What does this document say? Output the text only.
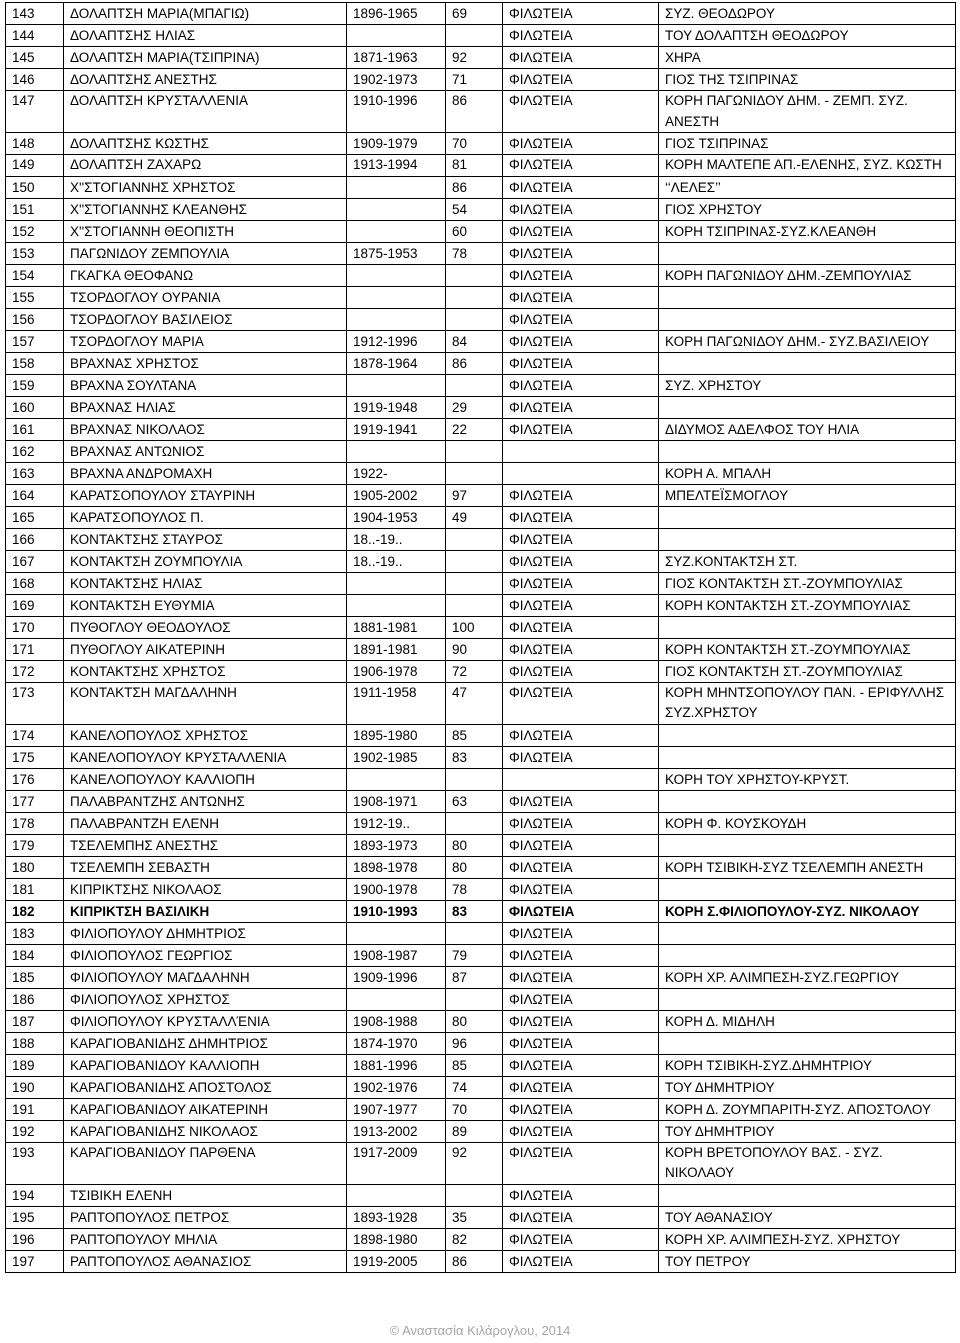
143	ΔΟΛΑΠΤΣΗ ΜΑΡΙΑ(ΜΠΑΓΙΩ)	1896-1965	69	ΦΙΛΩΤΕΙΑ	ΣΥΖ. ΘΕΟΔΩΡΟΥ
144	ΔΟΛΑΠΤΣΗΣ ΗΛΙΑΣ			ΦΙΛΩΤΕΙΑ	ΤΟΥ ΔΟΛΑΠΤΣΗ ΘΕΟΔΩΡΟΥ
145	ΔΟΛΑΠΤΣΗ ΜΑΡΙΑ(ΤΣΙΠΡΙΝΑ)	1871-1963	92	ΦΙΛΩΤΕΙΑ	ΧΗΡΑ
146	ΔΟΛΑΠΤΣΗΣ ΑΝΕΣΤΗΣ	1902-1973	71	ΦΙΛΩΤΕΙΑ	ΓΙΟΣ ΤΗΣ ΤΣΙΠΡΙΝΑΣ
147	ΔΟΛΑΠΤΣΗ ΚΡΥΣΤΑΛΛΕΝΙΑ	1910-1996	86	ΦΙΛΩΤΕΙΑ	ΚΟΡΗ ΠΑΓΩΝΙΔΟΥ ΔΗΜ. - ΖΕΜΠ. ΣΥΖ. ΑΝΕΣΤΗ
148	ΔΟΛΑΠΤΣΗΣ ΚΩΣΤΗΣ	1909-1979	70	ΦΙΛΩΤΕΙΑ	ΓΙΟΣ ΤΣΙΠΡΙΝΑΣ
149	ΔΟΛΑΠΤΣΗ ΖΑΧΑΡΩ	1913-1994	81	ΦΙΛΩΤΕΙΑ	ΚΟΡΗ ΜΑΛΤΕΠΕ ΑΠ.-ΕΛΕΝΗΣ, ΣΥΖ. ΚΩΣΤΗ
150	Χ''ΣΤΟΓΙΑΝΝΗΣ ΧΡΗΣΤΟΣ		86	ΦΙΛΩΤΕΙΑ	‘‘ΛΕΛΕΣ’’
151	Χ''ΣΤΟΓΙΑΝΝΗΣ ΚΛΕΑΝΘΗΣ		54	ΦΙΛΩΤΕΙΑ	ΓΙΟΣ ΧΡΗΣΤΟΥ
152	Χ''ΣΤΟΓΙΑΝΝΗ ΘΕΟΠΙΣΤΗ		60	ΦΙΛΩΤΕΙΑ	ΚΟΡΗ ΤΣΙΠΡΙΝΑΣ-ΣΥΖ.ΚΛΕΑΝΘΗ
153	ΠΑΓΩΝΙΔΟΥ ΖΕΜΠΟΥΛΙΑ	1875-1953	78	ΦΙΛΩΤΕΙΑ	
154	ΓΚΑΓΚΑ ΘΕΟΦΑΝΩ			ΦΙΛΩΤΕΙΑ	ΚΟΡΗ ΠΑΓΩΝΙΔΟΥ ΔΗΜ.-ΖΕΜΠΟΥΛΙΑΣ
155	ΤΣΟΡΔΟΓΛΟΥ ΟΥΡΑΝΙΑ			ΦΙΛΩΤΕΙΑ	
156	ΤΣΟΡΔΟΓΛΟΥ ΒΑΣΙΛΕΙΟΣ			ΦΙΛΩΤΕΙΑ	
157	ΤΣΟΡΔΟΓΛΟΥ ΜΑΡΙΑ	1912-1996	84	ΦΙΛΩΤΕΙΑ	ΚΟΡΗ ΠΑΓΩΝΙΔΟΥ ΔΗΜ.- ΣΥΖ.ΒΑΣΙΛΕΙΟΥ
158	ΒΡΑΧΝΑΣ ΧΡΗΣΤΟΣ	1878-1964	86	ΦΙΛΩΤΕΙΑ	
159	ΒΡΑΧΝΑ ΣΟΥΛΤΑΝΑ			ΦΙΛΩΤΕΙΑ	ΣΥΖ. ΧΡΗΣΤΟΥ
160	ΒΡΑΧΝΑΣ ΗΛΙΑΣ	1919-1948	29	ΦΙΛΩΤΕΙΑ	
161	ΒΡΑΧΝΑΣ ΝΙΚΟΛΑΟΣ	1919-1941	22	ΦΙΛΩΤΕΙΑ	ΔΙΔΥΜΟΣ ΑΔΕΛΦΟΣ ΤΟΥ ΗΛΙΑ
162	ΒΡΑΧΝΑΣ ΑΝΤΩΝΙΟΣ				
163	ΒΡΑΧΝΑ ΑΝΔΡΟΜΑΧΗ	1922-			ΚΟΡΗ Α. ΜΠΑΛΗ
164	ΚΑΡΑΤΣΟΠΟΥΛΟΥ ΣΤΑΥΡΙΝΗ	1905-2002	97	ΦΙΛΩΤΕΙΑ	ΜΠΕΛΤΕΪΣΜΟΓΛΟΥ
165	ΚΑΡΑΤΣΟΠΟΥΛΟΣ Π.	1904-1953	49	ΦΙΛΩΤΕΙΑ	
166	ΚΟΝΤΑΚΤΣΗΣ ΣΤΑΥΡΟΣ	18..-19..		ΦΙΛΩΤΕΙΑ	
167	ΚΟΝΤΑΚΤΣΗ ΖΟΥΜΠΟΥΛΙΑ	18..-19..		ΦΙΛΩΤΕΙΑ	ΣΥΖ.ΚΟΝΤΑΚΤΣΗ ΣΤ.
168	ΚΟΝΤΑΚΤΣΗΣ ΗΛΙΑΣ			ΦΙΛΩΤΕΙΑ	ΓΙΟΣ ΚΟΝΤΑΚΤΣΗ ΣΤ.-ΖΟΥΜΠΟΥΛΙΑΣ
169	ΚΟΝΤΑΚΤΣΗ ΕΥΘΥΜΙΑ			ΦΙΛΩΤΕΙΑ	ΚΟΡΗ ΚΟΝΤΑΚΤΣΗ ΣΤ.-ΖΟΥΜΠΟΥΛΙΑΣ
170	ΠΥΘΟΓΛΟΥ ΘΕΟΔΟΥΛΟΣ	1881-1981	100	ΦΙΛΩΤΕΙΑ	
171	ΠΥΘΟΓΛΟΥ ΑΙΚΑΤΕΡΙΝΗ	1891-1981	90	ΦΙΛΩΤΕΙΑ	ΚΟΡΗ ΚΟΝΤΑΚΤΣΗ ΣΤ.-ΖΟΥΜΠΟΥΛΙΑΣ
172	ΚΟΝΤΑΚΤΣΗΣ ΧΡΗΣΤΟΣ	1906-1978	72	ΦΙΛΩΤΕΙΑ	ΓΙΟΣ ΚΟΝΤΑΚΤΣΗ ΣΤ.-ΖΟΥΜΠΟΥΛΙΑΣ
173	ΚΟΝΤΑΚΤΣΗ ΜΑΓΔΑΛΗΝΗ	1911-1958	47	ΦΙΛΩΤΕΙΑ	ΚΟΡΗ ΜΗΝΤΣΟΠΟΥΛΟΥ ΠΑΝ. - ΕΡΙΦΥΛΛΗΣ ΣΥΖ.ΧΡΗΣΤΟΥ
174	ΚΑΝΕΛΟΠΟΥΛΟΣ ΧΡΗΣΤΟΣ	1895-1980	85	ΦΙΛΩΤΕΙΑ	
175	ΚΑΝΕΛΟΠΟΥΛΟΥ ΚΡΥΣΤΑΛΛΕΝΙΑ	1902-1985	83	ΦΙΛΩΤΕΙΑ	
176	ΚΑΝΕΛΟΠΟΥΛΟΥ ΚΑΛΛΙΟΠΗ				ΚΟΡΗ ΤΟΥ ΧΡΗΣΤΟΥ-ΚΡΥΣΤ.
177	ΠΑΛΑΒΡΑΝΤΖΗΣ ΑΝΤΩΝΗΣ	1908-1971	63	ΦΙΛΩΤΕΙΑ	
178	ΠΑΛΑΒΡΑΝΤΖΗ ΕΛΕΝΗ	1912-19..		ΦΙΛΩΤΕΙΑ	ΚΟΡΗ Φ. ΚΟΥΣΚΟΥΔΗ
179	ΤΣΕΛΕΜΠΗΣ ΑΝΕΣΤΗΣ	1893-1973	80	ΦΙΛΩΤΕΙΑ	
180	ΤΣΕΛΕΜΠΗ ΣΕΒΑΣΤΗ	1898-1978	80	ΦΙΛΩΤΕΙΑ	ΚΟΡΗ ΤΣΙΒΙΚΗ-ΣΥΖ ΤΣΕΛΕΜΠΗ ΑΝΕΣΤΗ
181	ΚΙΠΡΙΚΤΣΗΣ ΝΙΚΟΛΑΟΣ	1900-1978	78	ΦΙΛΩΤΕΙΑ	
182	ΚΙΠΡΙΚΤΣΗ ΒΑΣΙΛΙΚΗ	1910-1993	83	ΦΙΛΩΤΕΙΑ	ΚΟΡΗ Σ.ΦΙΛΙΟΠΟΥΛΟΥ-ΣΥΖ. ΝΙΚΟΛΑΟΥ
183	ΦΙΛΙΟΠΟΥΛΟΥ ΔΗΜΗΤΡΙΟΣ			ΦΙΛΩΤΕΙΑ	
184	ΦΙΛΙΟΠΟΥΛΟΣ ΓΕΩΡΓΙΟΣ	1908-1987	79	ΦΙΛΩΤΕΙΑ	
185	ΦΙΛΙΟΠΟΥΛΟΥ ΜΑΓΔΑΛΗΝΗ	1909-1996	87	ΦΙΛΩΤΕΙΑ	ΚΟΡΗ ΧΡ. ΑΛΙΜΠΕΣΗ-ΣΥΖ.ΓΕΩΡΓΙΟΥ
186	ΦΙΛΙΟΠΟΥΛΟΣ ΧΡΗΣΤΟΣ			ΦΙΛΩΤΕΙΑ	
187	ΦΙΛΙΟΠΟΥΛΟΥ ΚΡΥΣΤΑΛΛΈΝΙΑ	1908-1988	80	ΦΙΛΩΤΕΙΑ	ΚΟΡΗ Δ. ΜΙΔΗΛΗ
188	ΚΑΡΑΓΙΟΒΑΝΙΔΗΣ ΔΗΜΗΤΡΙΟΣ	1874-1970	96	ΦΙΛΩΤΕΙΑ	
189	ΚΑΡΑΓΙΟΒΑΝΙΔΟΥ ΚΑΛΛΙΟΠΗ	1881-1996	85	ΦΙΛΩΤΕΙΑ	ΚΟΡΗ ΤΣΙΒΙΚΗ-ΣΥΖ.ΔΗΜΗΤΡΙΟΥ
190	ΚΑΡΑΓΙΟΒΑΝΙΔΗΣ ΑΠΟΣΤΟΛΟΣ	1902-1976	74	ΦΙΛΩΤΕΙΑ	ΤΟΥ ΔΗΜΗΤΡΙΟΥ
191	ΚΑΡΑΓΙΟΒΑΝΙΔΟΥ ΑΙΚΑΤΕΡΙΝΗ	1907-1977	70	ΦΙΛΩΤΕΙΑ	ΚΟΡΗ Δ. ΖΟΥΜΠΑΡΙΤΗ-ΣΥΖ. ΑΠΟΣΤΟΛΟΥ
192	ΚΑΡΑΓΙΟΒΑΝΙΔΗΣ ΝΙΚΟΛΑΟΣ	1913-2002	89	ΦΙΛΩΤΕΙΑ	ΤΟΥ ΔΗΜΗΤΡΙΟΥ
193	ΚΑΡΑΓΙΟΒΑΝΙΔΟΥ ΠΑΡΘΕΝΑ	1917-2009	92	ΦΙΛΩΤΕΙΑ	ΚΟΡΗ ΒΡΕΤΟΠΟΥΛΟΥ ΒΑΣ. - ΣΥΖ. ΝΙΚΟΛΑΟΥ
194	ΤΣΙΒΙΚΗ ΕΛΕΝΗ			ΦΙΛΩΤΕΙΑ	
195	ΡΑΠΤΟΠΟΥΛΟΣ ΠΕΤΡΟΣ	1893-1928	35	ΦΙΛΩΤΕΙΑ	ΤΟΥ ΑΘΑΝΑΣΙΟΥ
196	ΡΑΠΤΟΠΟΥΛΟΥ ΜΗΛΙΑ	1898-1980	82	ΦΙΛΩΤΕΙΑ	ΚΟΡΗ ΧΡ. ΑΛΙΜΠΕΣΗ-ΣΥΖ. ΧΡΗΣΤΟΥ
197	ΡΑΠΤΟΠΟΥΛΟΣ ΑΘΑΝΑΣΙΟΣ	1919-2005	86	ΦΙΛΩΤΕΙΑ	ΤΟΥ ΠΕΤΡΟΥ
© Αναστασία Κιλάρογλου, 2014
